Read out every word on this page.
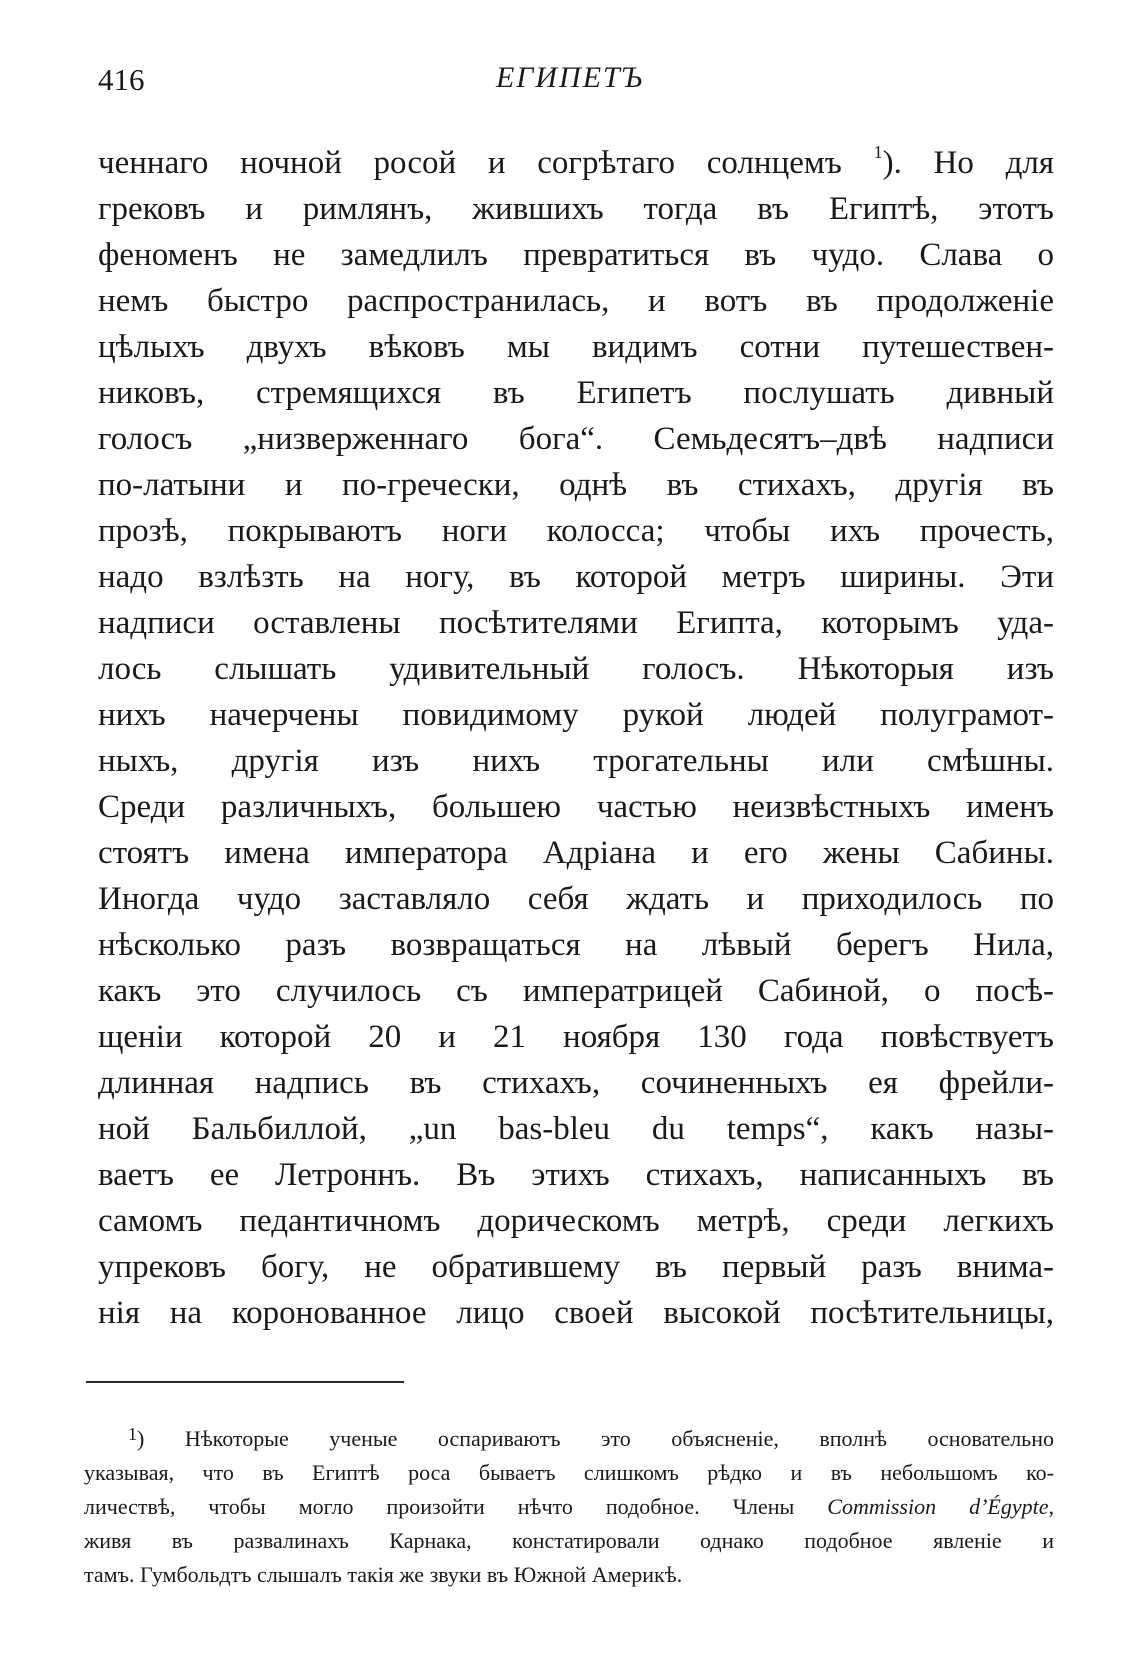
416	ЕГИПЕТЪ
ченнаго ночной росой и согрѣтаго солнцемъ $^1$). Но для
грековъ и римлянъ, жившихъ тогда въ Египтѣ, этотъ
феноменъ не замедлилъ превратиться въ чудо. Слава о
немъ быстро распространилась, и вотъ въ продолженіе
цѣлыхъ двухъ вѣковъ мы видимъ сотни путешествен-
никовъ, стремящихся въ Египетъ послушать дивный
голосъ „низверженнаго бога“. Семьдесятъ–двѣ надписи
по-латыни и по-гречески, однѣ въ стихахъ, другія въ
прозѣ, покрываютъ ноги колосса; чтобы ихъ прочесть,
надо взлѣзть на ногу, въ которой метръ ширины. Эти
надписи оставлены посѣтителями Египта, которымъ уда-
лось слышать удивительный голосъ. Нѣкоторыя изъ
нихъ начерчены повидимому рукой людей полуграмот-
ныхъ, другія изъ нихъ трогательны или смѣшны.
Среди различныхъ, большею частью неизвѣстныхъ именъ
стоятъ имена императора Адріана и его жены Сабины.
Иногда чудо заставляло себя ждать и приходилось по
нѣсколько разъ возвращаться на лѣвый берегъ Нила,
какъ это случилось съ императрицей Сабиной, о посѣ-
щеніи которой 20 и 21 ноября 130 года повѣствуетъ
длинная надпись въ стихахъ, сочиненныхъ ея фрейли-
ной Бальбиллой, „un bas-bleu du temps“, какъ назы-
ваетъ ее Летроннъ. Въ этихъ стихахъ, написанныхъ въ
самомъ педантичномъ дорическомъ метрѣ, среди легкихъ
упрековъ богу, не обратившему въ первый разъ внима-
нія на коронованное лицо своей высокой посѣтительницы,
$^1$) Нѣкоторые ученые оспариваютъ это объясненіе, вполнѣ основательно
указывая, что въ Египтѣ роса бываетъ слишкомъ рѣдко и въ небольшомъ ко-
личествѣ, чтобы могло произойти нѣчто подобное. Члены Commission d’Égypte,
живя въ развалинахъ Карнака, констатировали однако подобное явленіе и
тамъ. Гумбольдтъ слышалъ такія же звуки въ Южной Америкѣ.
